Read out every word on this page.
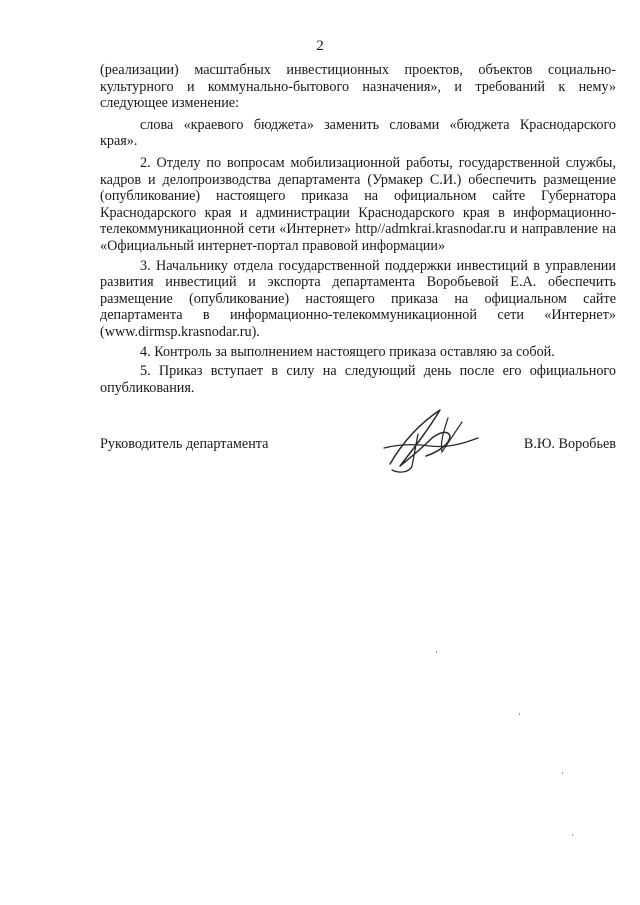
2

(реализации) масштабных инвестиционных проектов, объектов социально-культурного и коммунально-бытового назначения», и требований к нему» следующее изменение:

слова «краевого бюджета» заменить словами «бюджета Краснодарского края».

2. Отделу по вопросам мобилизационной работы, государственной службы, кадров и делопроизводства департамента (Урмакер С.И.) обеспечить размещение (опубликование) настоящего приказа на официальном сайте Губернатора Краснодарского края и администрации Краснодарского края в информационно-телекоммуникационной сети «Интернет» http//admkrai.krasnodar.ru и направление на «Официальный интернет-портал правовой информации»

3. Начальнику отдела государственной поддержки инвестиций в управлении развития инвестиций и экспорта департамента Воробьевой Е.А. обеспечить размещение (опубликование) настоящего приказа на официальном сайте департамента в информационно-телекоммуникационной сети «Интернет» (www.dirmsp.krasnodar.ru).

4. Контроль за выполнением настоящего приказа оставляю за собой.

5. Приказ вступает в силу на следующий день после его официального опубликования.

Руководитель департамента	В.Ю. Воробьев
